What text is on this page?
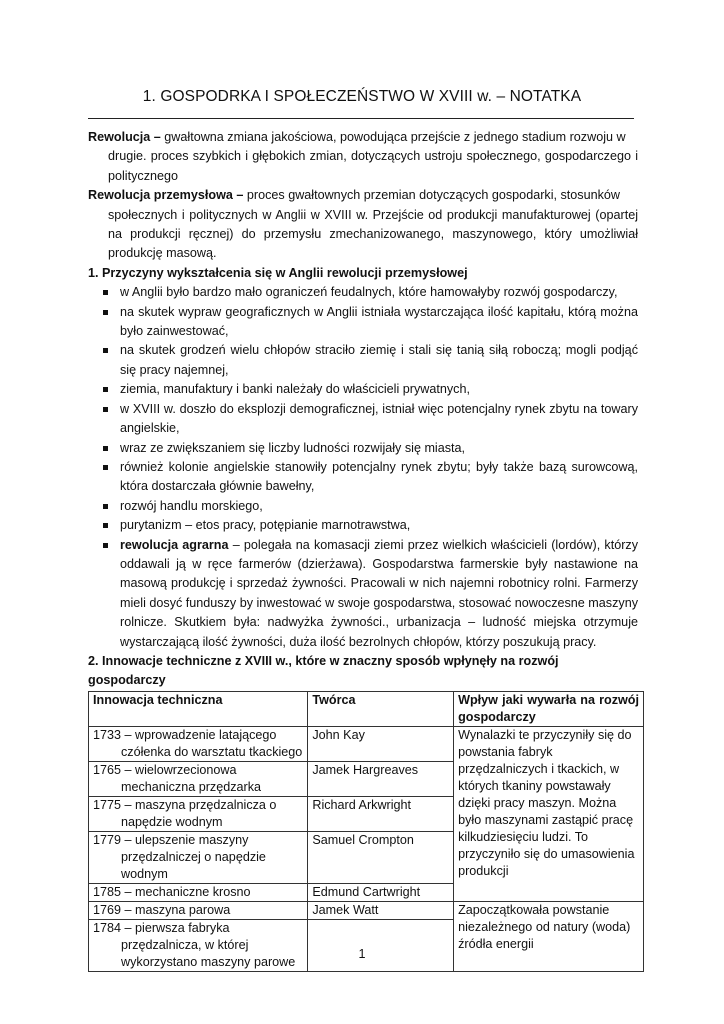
1. GOSPODRKA I SPOŁECZEŃSTWO W XVIII w. – NOTATKA

Rewolucja – gwałtowna zmiana jakościowa, powodująca przejście z jednego stadium rozwoju w
drugie. proces szybkich i głębokich zmian, dotyczących ustroju społecznego, gospodarczego i politycznego

Rewolucja przemysłowa – proces gwałtownych przemian dotyczących gospodarki, stosunków
społecznych i politycznych w Anglii w XVIII w. Przejście od produkcji manufakturowej (opartej na produkcji ręcznej) do przemysłu zmechanizowanego, maszynowego, który umożliwiał produkcję masową.

1. Przyczyny wykształcenia się w Anglii rewolucji przemysłowej

w Anglii było bardzo mało ograniczeń feudalnych, które hamowałyby rozwój gospodarczy,
na skutek wypraw geograficznych w Anglii istniała wystarczająca ilość kapitału, którą można było zainwestować,
na skutek grodzeń wielu chłopów straciło ziemię i stali się tanią siłą roboczą; mogli podjąć się pracy najemnej,
ziemia, manufaktury i banki należały do właścicieli prywatnych,
w XVIII w. doszło do eksplozji demograficznej, istniał więc potencjalny rynek zbytu na towary angielskie,
wraz ze zwiększaniem się liczby ludności rozwijały się miasta,
również kolonie angielskie stanowiły potencjalny rynek zbytu; były także bazą surowcową, która dostarczała głównie bawełny,
rozwój handlu morskiego,
purytanizm – etos pracy, potępianie marnotrawstwa,
rewolucja agrarna – polegała na komasacji ziemi przez wielkich właścicieli (lordów), którzy oddawali ją w ręce farmerów (dzierżawa). Gospodarstwa farmerskie były nastawione na masową produkcję i sprzedaż żywności. Pracowali w nich najemni robotnicy rolni. Farmerzy mieli dosyć funduszy by inwestować w swoje gospodarstwa, stosować nowoczesne maszyny rolnicze. Skutkiem była: nadwyżka żywności., urbanizacja – ludność miejska otrzymuje wystarczającą ilość żywności, duża ilość bezrolnych chłopów, którzy poszukują pracy.

2. Innowacje techniczne z XVIII w., które w znaczny sposób wpłynęły na rozwój gospodarczy

Innowacja techniczna	Twórca	Wpływ jaki wywarła na rozwój gospodarczy
1733 – wprowadzenie latającego
czółenka do warsztatu tkackiego	John Kay	Wynalazki te przyczyniły się do powstania fabryk przędzalniczych i tkackich, w których tkaniny powstawały dzięki pracy maszyn. Można było maszynami zastąpić pracę kilkudziesięciu ludzi. To przyczyniło się do umasowienia produkcji
1765 – wielowrzecionowa
mechaniczna przędzarka	Jamek Hargreaves	
1775 – maszyna przędzalnicza o
napędzie wodnym	Richard Arkwright	
1779 – ulepszenie maszyny
przędzalniczej o napędzie wodnym	Samuel Crompton	
1785 – mechaniczne krosno	Edmund Cartwright	
1769 – maszyna parowa	Jamek Watt	Zapoczątkowała powstanie niezależnego od natury (woda) źródła energii
1784 – pierwsza fabryka
przędzalnicza, w której wykorzystano maszyny parowe		

1
